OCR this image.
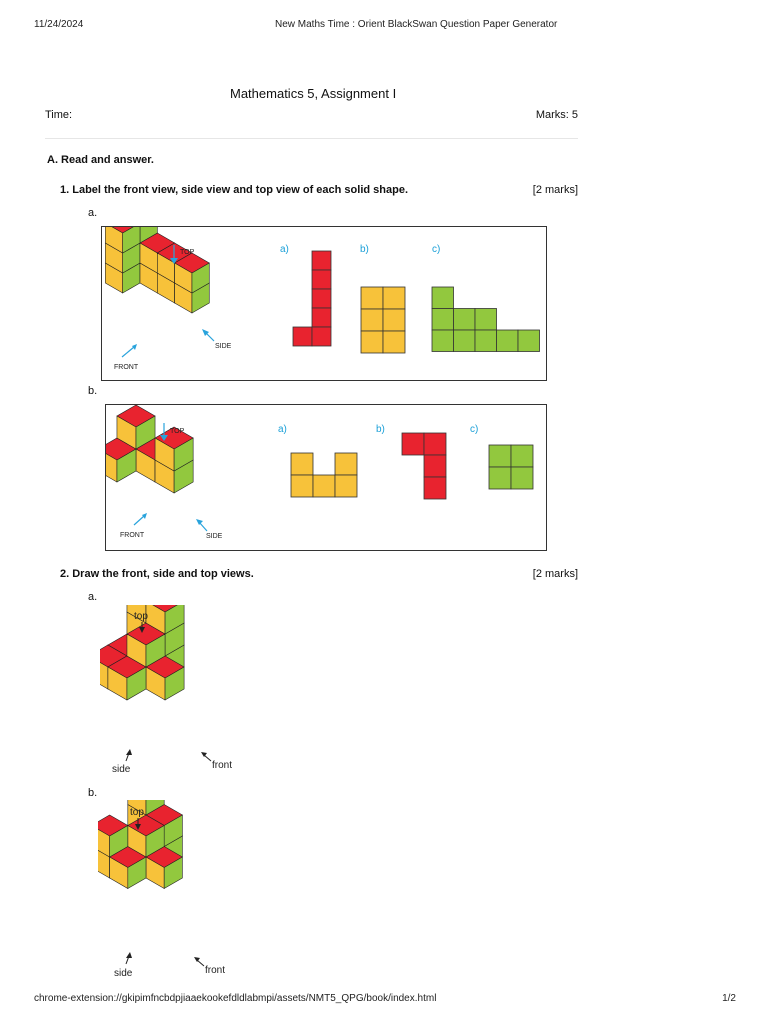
11/24/2024	New Maths Time : Orient BlackSwan Question Paper Generator
Mathematics 5, Assignment I
Time:	Marks: 5
A. Read and answer.
1. Label the front view, side view and top view of each solid shape.	[2 marks]
a.
TOP
SIDE
FRONT
a)	b)	c)
b.
TOP
SIDE
FRONT
a)	b)	c)
2. Draw the front, side and top views.	[2 marks]
a.
top
side	front
b.
top
side	front
chrome-extension://gkipimfncbdpjiaaekookefdldlabmpi/assets/NMT5_QPG/book/index.html	1/2
